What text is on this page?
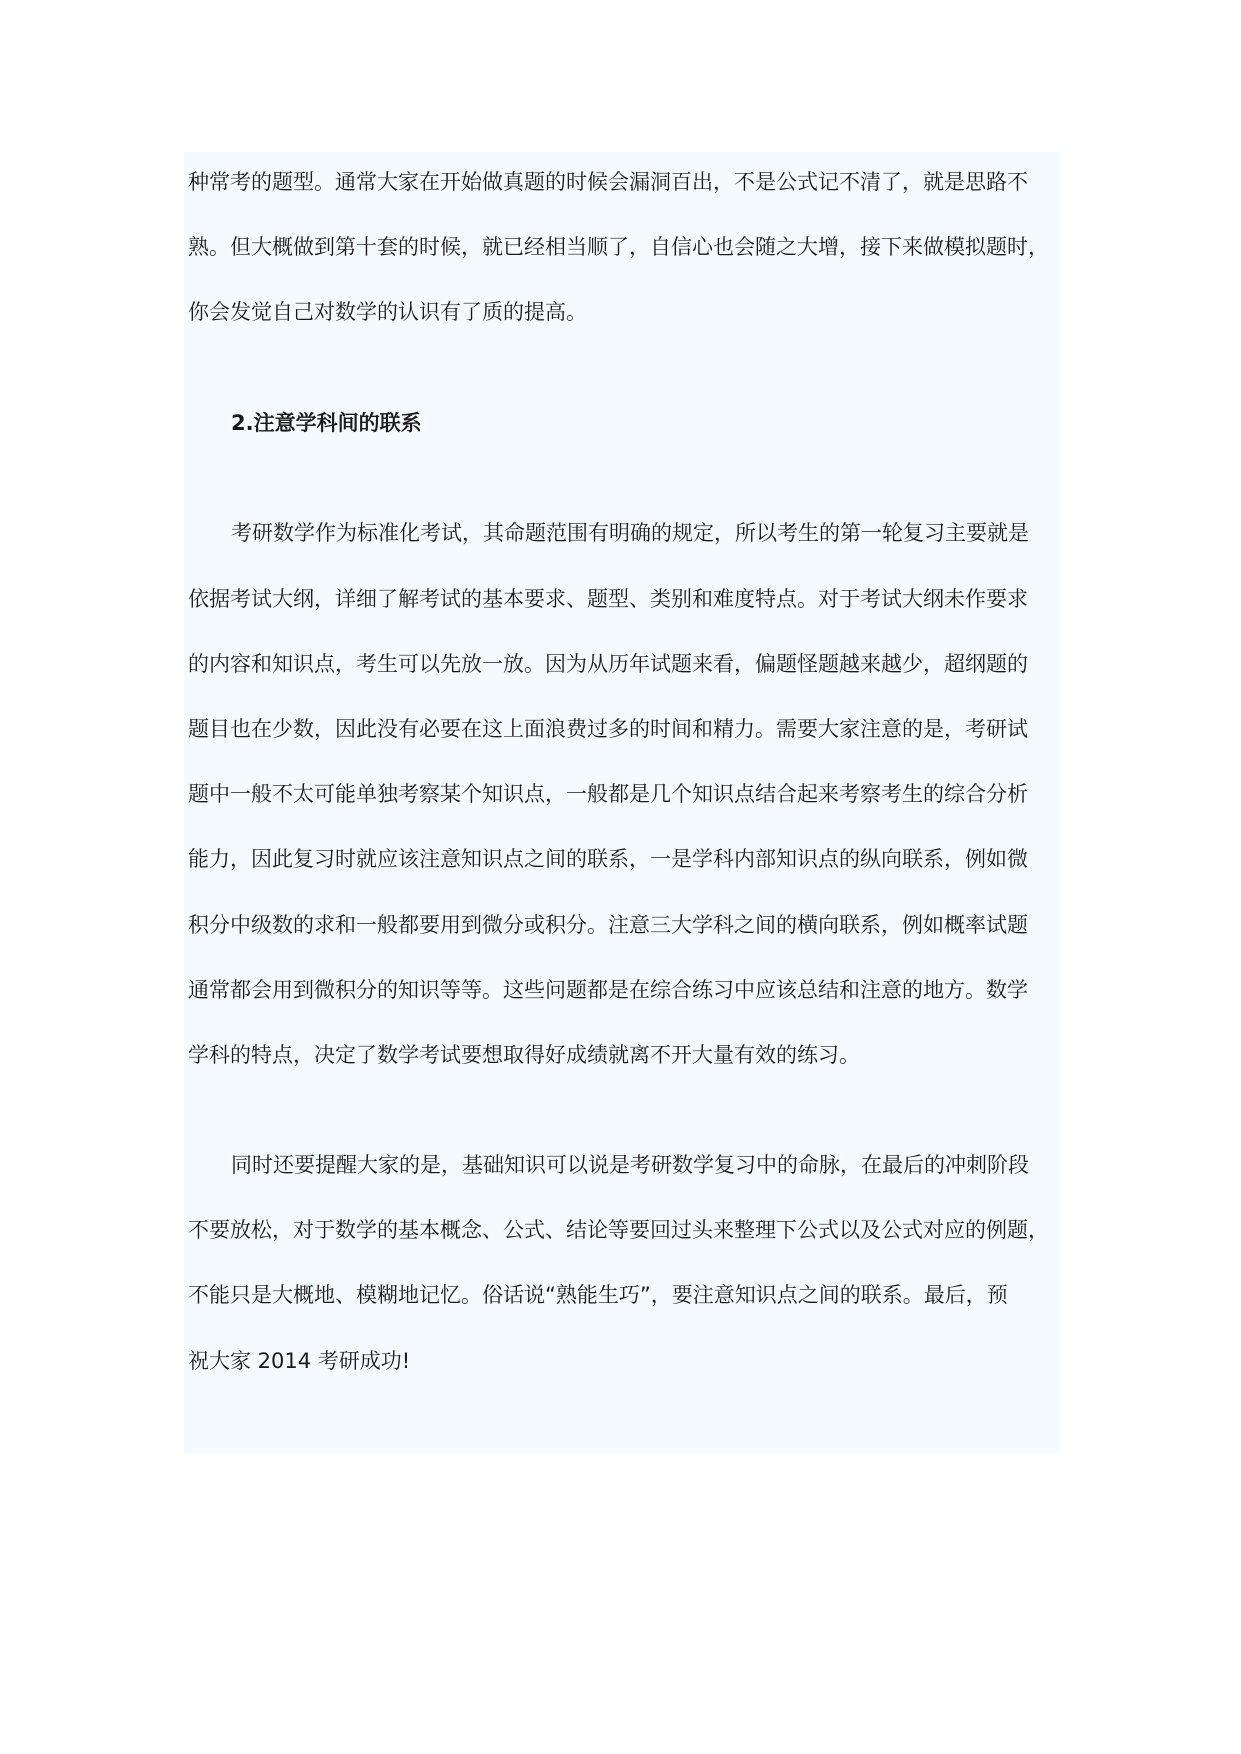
种常考的题型。通常大家在开始做真题的时候会漏洞百出，不是公式记不清了，就是思路不

熟。但大概做到第十套的时候，就已经相当顺了，自信心也会随之大增，接下来做模拟题时，

你会发觉自己对数学的认识有了质的提高。

2.注意学科间的联系

考研数学作为标准化考试，其命题范围有明确的规定，所以考生的第一轮复习主要就是

依据考试大纲，详细了解考试的基本要求、题型、类别和难度特点。对于考试大纲未作要求

的内容和知识点，考生可以先放一放。因为从历年试题来看，偏题怪题越来越少，超纲题的

题目也在少数，因此没有必要在这上面浪费过多的时间和精力。需要大家注意的是，考研试

题中一般不太可能单独考察某个知识点，一般都是几个知识点结合起来考察考生的综合分析

能力，因此复习时就应该注意知识点之间的联系，一是学科内部知识点的纵向联系，例如微

积分中级数的求和一般都要用到微分或积分。注意三大学科之间的横向联系，例如概率试题

通常都会用到微积分的知识等等。这些问题都是在综合练习中应该总结和注意的地方。数学

学科的特点，决定了数学考试要想取得好成绩就离不开大量有效的练习。

同时还要提醒大家的是，基础知识可以说是考研数学复习中的命脉，在最后的冲刺阶段

不要放松，对于数学的基本概念、公式、结论等要回过头来整理下公式以及公式对应的例题，

不能只是大概地、模糊地记忆。俗话说“熟能生巧”，要注意知识点之间的联系。最后，预

祝大家 2014 考研成功!
